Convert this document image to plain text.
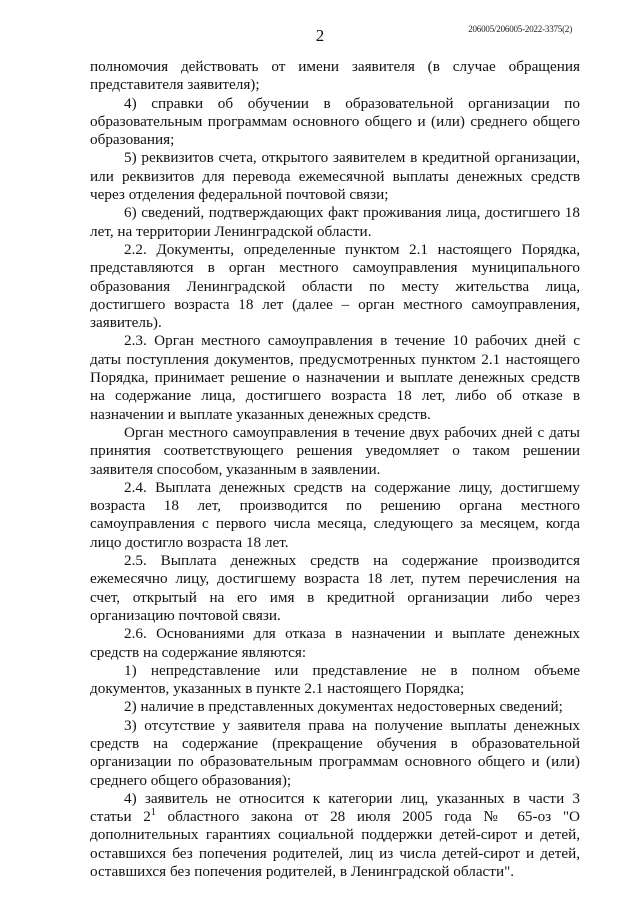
2	206005/206005-2022-3375(2)

полномочия действовать от имени заявителя (в случае обращения представителя заявителя);

4) справки об обучении в образовательной организации по образовательным программам основного общего и (или) среднего общего образования;

5) реквизитов счета, открытого заявителем в кредитной организации, или реквизитов для перевода ежемесячной выплаты денежных средств через отделения федеральной почтовой связи;

6) сведений, подтверждающих факт проживания лица, достигшего 18 лет, на территории Ленинградской области.

2.2. Документы, определенные пунктом 2.1 настоящего Порядка, представляются в орган местного самоуправления муниципального образования Ленинградской области по месту жительства лица, достигшего возраста 18 лет (далее – орган местного самоуправления, заявитель).

2.3. Орган местного самоуправления в течение 10 рабочих дней с даты поступления документов, предусмотренных пунктом 2.1 настоящего Порядка, принимает решение о назначении и выплате денежных средств на содержание лица, достигшего возраста 18 лет, либо об отказе в назначении и выплате указанных денежных средств.

Орган местного самоуправления в течение двух рабочих дней с даты принятия соответствующего решения уведомляет о таком решении заявителя способом, указанным в заявлении.

2.4. Выплата денежных средств на содержание лицу, достигшему возраста 18 лет, производится по решению органа местного самоуправления с первого числа месяца, следующего за месяцем, когда лицо достигло возраста 18 лет.

2.5. Выплата денежных средств на содержание производится ежемесячно лицу, достигшему возраста 18 лет, путем перечисления на счет, открытый на его имя в кредитной организации либо через организацию почтовой связи.

2.6. Основаниями для отказа в назначении и выплате денежных средств на содержание являются:

1) непредставление или представление не в полном объеме документов, указанных в пункте 2.1 настоящего Порядка;

2) наличие в представленных документах недостоверных сведений;

3) отсутствие у заявителя права на получение выплаты денежных средств на содержание (прекращение обучения в образовательной организации по образовательным программам основного общего и (или) среднего общего образования);

4) заявитель не относится к категории лиц, указанных в части 3 статьи $2^1$ областного закона от 28 июля 2005 года № 65-оз "О дополнительных гарантиях социальной поддержки детей-сирот и детей, оставшихся без попечения родителей, лиц из числа детей-сирот и детей, оставшихся без попечения родителей, в Ленинградской области".
